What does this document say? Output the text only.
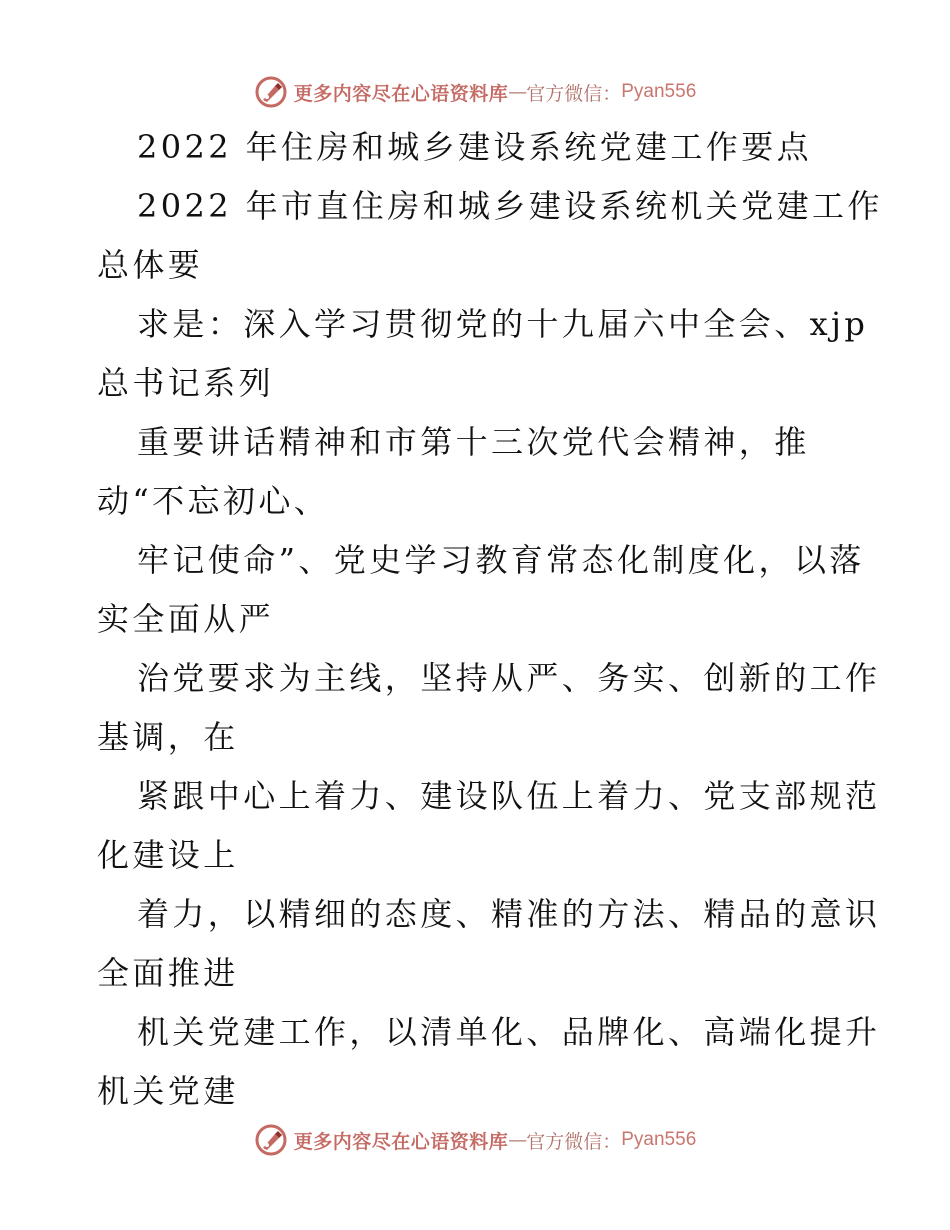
更多内容尽在心语资料库 — 官方微信： Pyan556
2022 年住房和城乡建设系统党建工作要点
2022 年市直住房和城乡建设系统机关党建工作
总体要
求是：深入学习贯彻党的十九届六中全会、xjp
总书记系列
重要讲话精神和市第十三次党代会精神，推
动“不忘初心、
牢记使命”、党史学习教育常态化制度化，以落
实全面从严
治党要求为主线，坚持从严、务实、创新的工作
基调，在
紧跟中心上着力、建设队伍上着力、党支部规范
化建设上
着力，以精细的态度、精准的方法、精品的意识
全面推进
机关党建工作，以清单化、品牌化、高端化提升
机关党建
更多内容尽在心语资料库 — 官方微信： Pyan556
